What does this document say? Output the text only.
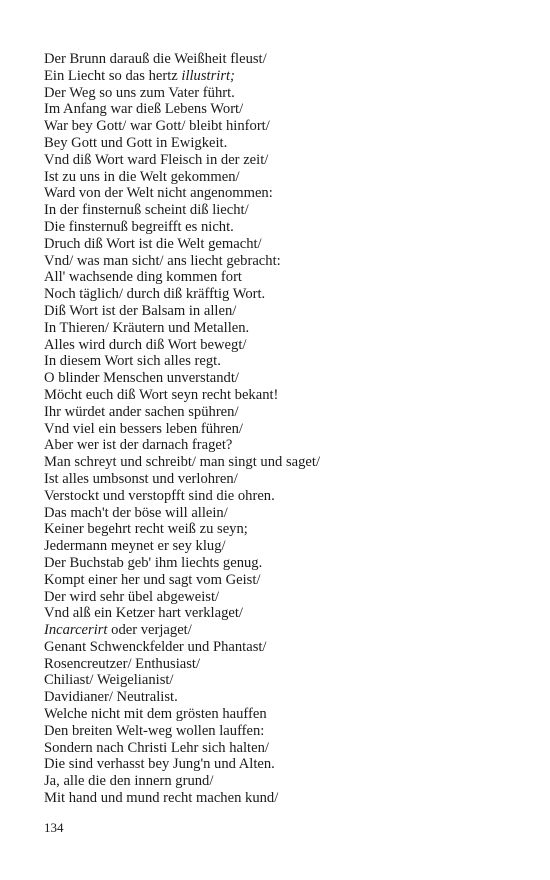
Der Brunn darauß die Weißheit fleust/
Ein Liecht so das hertz illustrirt;
Der Weg so uns zum Vater führt.
Im Anfang war dieß Lebens Wort/
War bey Gott/ war Gott/ bleibt hinfort/
Bey Gott und Gott in Ewigkeit.
Vnd diß Wort ward Fleisch in der zeit/
Ist zu uns in die Welt gekommen/
Ward von der Welt nicht angenommen:
In der finsternuß scheint diß liecht/
Die finsternuß begreifft es nicht.
Druch diß Wort ist die Welt gemacht/
Vnd/ was man sicht/ ans liecht gebracht:
All' wachsende ding kommen fort
Noch täglich/ durch diß kräfftig Wort.
Diß Wort ist der Balsam in allen/
In Thieren/ Kräutern und Metallen.
Alles wird durch diß Wort bewegt/
In diesem Wort sich alles regt.
O blinder Menschen unverstandt/
Möcht euch diß Wort seyn recht bekant!
Ihr würdet ander sachen spühren/
Vnd viel ein bessers leben führen/
Aber wer ist der darnach fraget?
Man schreyt und schreibt/ man singt und saget/
Ist alles umbsonst und verlohren/
Verstockt und verstopfft sind die ohren.
Das mach't der böse will allein/
Keiner begehrt recht weiß zu seyn;
Jedermann meynet er sey klug/
Der Buchstab geb' ihm liechts genug.
Kompt einer her und sagt vom Geist/
Der wird sehr übel abgeweist/
Vnd alß ein Ketzer hart verklaget/
Incarcerirt oder verjaget/
Genant Schwenckfelder und Phantast/
Rosencreutzer/ Enthusiast/
Chiliast/ Weigelianist/
Davidianer/ Neutralist.
Welche nicht mit dem grösten hauffen
Den breiten Welt-weg wollen lauffen:
Sondern nach Christi Lehr sich halten/
Die sind verhasst bey Jung'n und Alten.
Ja, alle die den innern grund/
Mit hand und mund recht machen kund/
134
